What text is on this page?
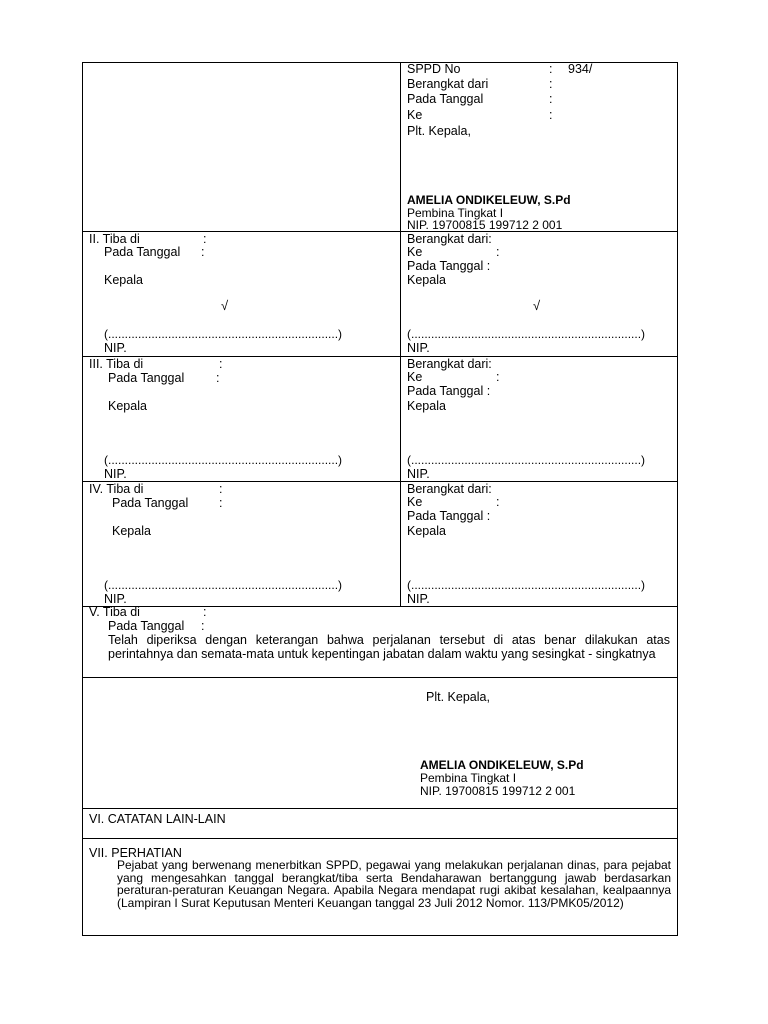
SPPD No	: 934/
Berangkat dari	:
Pada Tanggal	:
Ke	:
Plt. Kepala,
AMELIA ONDIKELEUW, S.Pd
Pembina Tingkat I
NIP. 19700815 199712 2 001
II. Tiba di	:
Pada Tanggal :
Kepala
√
(.....................................................................)
NIP.
Berangkat dari:
Ke	:
Pada Tanggal :
Kepala
√
(.....................................................................)
NIP.
III. Tiba di	:
Pada Tanggal	:
Kepala
(.....................................................................)
NIP.
Berangkat dari:
Ke	:
Pada Tanggal :
Kepala
(.....................................................................)
NIP.
IV. Tiba di	:
Pada Tanggal :
Kepala
(.....................................................................)
NIP.
Berangkat dari:
Ke	:
Pada Tanggal :
Kepala
(.....................................................................)
NIP.
V. Tiba di	:
Pada Tanggal :
Telah diperiksa dengan keterangan bahwa perjalanan tersebut di atas benar dilakukan atas perintahnya dan semata-mata untuk kepentingan jabatan dalam waktu yang sesingkat - singkatnya
Plt. Kepala,
AMELIA ONDIKELEUW, S.Pd
Pembina Tingkat I
NIP. 19700815 199712 2 001
VI. CATATAN LAIN-LAIN
VII. PERHATIAN
Pejabat yang berwenang menerbitkan SPPD, pegawai yang melakukan perjalanan dinas, para pejabat yang mengesahkan tanggal berangkat/tiba serta Bendaharawan bertanggung jawab berdasarkan peraturan-peraturan Keuangan Negara. Apabila Negara mendapat rugi akibat kesalahan, kealpaannya (Lampiran I Surat Keputusan Menteri Keuangan tanggal 23 Juli 2012 Nomor. 113/PMK05/2012)
